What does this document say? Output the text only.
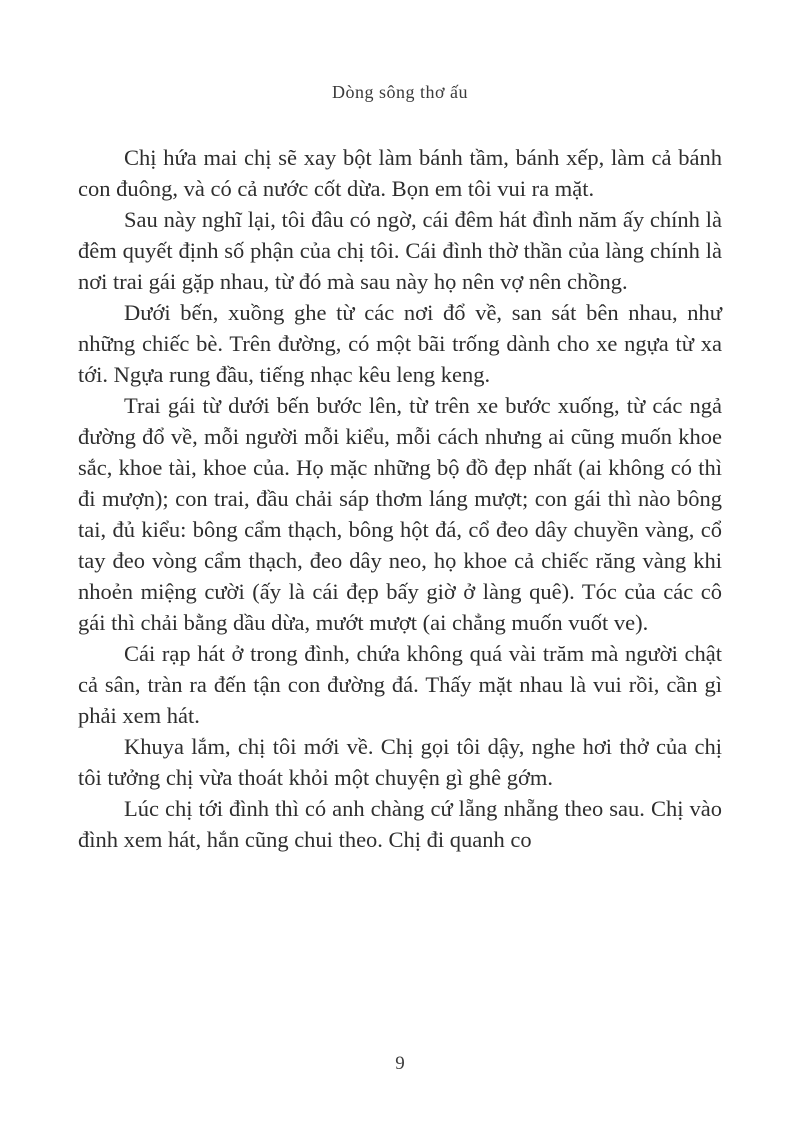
Dòng sông thơ ấu

Chị hứa mai chị sẽ xay bột làm bánh tầm, bánh xếp, làm cả bánh con đuông, và có cả nước cốt dừa. Bọn em tôi vui ra mặt.

Sau này nghĩ lại, tôi đâu có ngờ, cái đêm hát đình năm ấy chính là đêm quyết định số phận của chị tôi. Cái đình thờ thần của làng chính là nơi trai gái gặp nhau, từ đó mà sau này họ nên vợ nên chồng.

Dưới bến, xuồng ghe từ các nơi đổ về, san sát bên nhau, như những chiếc bè. Trên đường, có một bãi trống dành cho xe ngựa từ xa tới. Ngựa rung đầu, tiếng nhạc kêu leng keng.

Trai gái từ dưới bến bước lên, từ trên xe bước xuống, từ các ngả đường đổ về, mỗi người mỗi kiểu, mỗi cách nhưng ai cũng muốn khoe sắc, khoe tài, khoe của. Họ mặc những bộ đồ đẹp nhất (ai không có thì đi mượn); con trai, đầu chải sáp thơm láng mượt; con gái thì nào bông tai, đủ kiểu: bông cẩm thạch, bông hột đá, cổ đeo dây chuyền vàng, cổ tay đeo vòng cẩm thạch, đeo dây neo, họ khoe cả chiếc răng vàng khi nhoẻn miệng cười (ấy là cái đẹp bấy giờ ở làng quê). Tóc của các cô gái thì chải bằng dầu dừa, mướt mượt (ai chẳng muốn vuốt ve).

Cái rạp hát ở trong đình, chứa không quá vài trăm mà người chật cả sân, tràn ra đến tận con đường đá. Thấy mặt nhau là vui rồi, cần gì phải xem hát.

Khuya lắm, chị tôi mới về. Chị gọi tôi dậy, nghe hơi thở của chị tôi tưởng chị vừa thoát khỏi một chuyện gì ghê gớm.

Lúc chị tới đình thì có anh chàng cứ lẵng nhẵng theo sau. Chị vào đình xem hát, hắn cũng chui theo. Chị đi quanh co

9
